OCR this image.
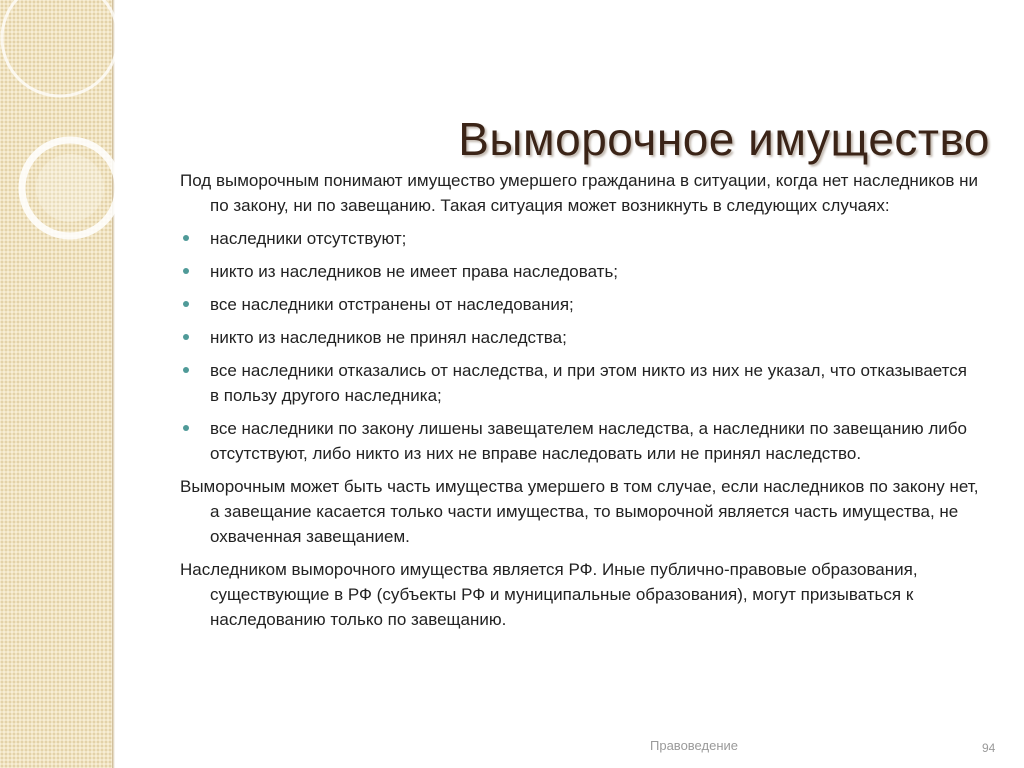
Выморочное имущество

Под выморочным понимают имущество умершего гражданина в ситуации, когда нет наследников ни по закону, ни по завещанию. Такая ситуация может возникнуть в следующих случаях:

наследники отсутствуют;
никто из наследников не имеет права наследовать;
все наследники отстранены от наследования;
никто из наследников не принял наследства;
все наследники отказались от наследства, и при этом никто из них не указал, что отказывается в пользу другого наследника;
все наследники по закону лишены завещателем наследства, а наследники по завещанию либо отсутствуют, либо никто из них не вправе наследовать или не принял наследство.

Выморочным может быть часть имущества умершего в том случае, если наследников по закону нет, а завещание касается только части имущества, то выморочной является часть имущества, не охваченная завещанием.

Наследником выморочного имущества является РФ. Иные публично-правовые образования, существующие в РФ (субъекты РФ и муниципальные образования), могут призываться к наследованию только по завещанию.

Правоведение	94
